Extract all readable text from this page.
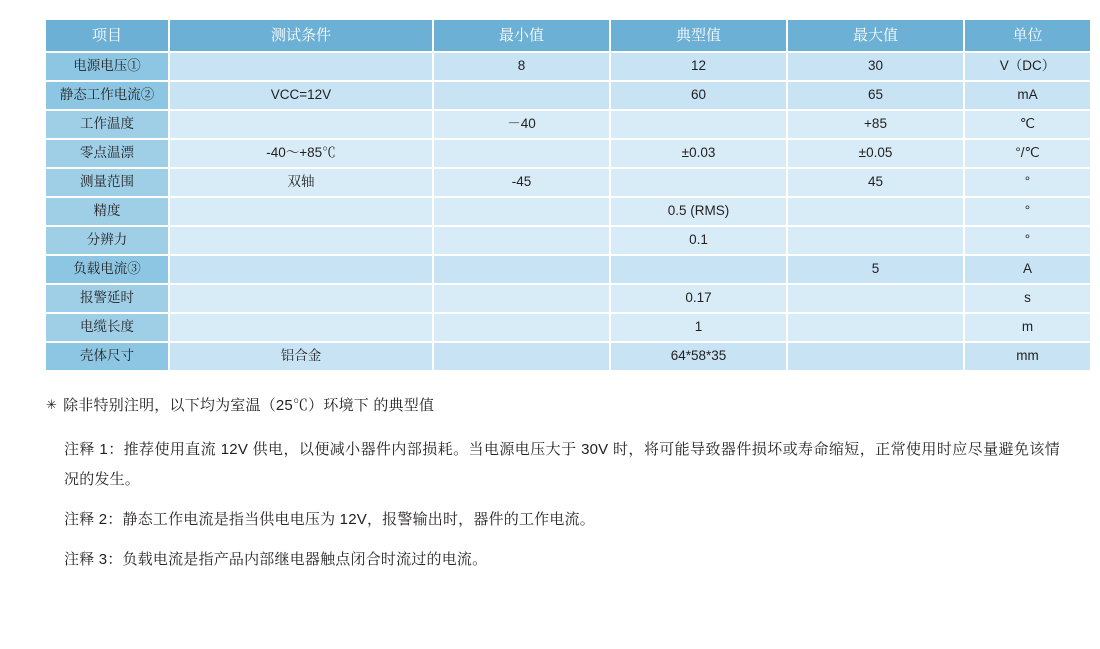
项目	测试条件	最小值	典型值	最大值	单位
电源电压①		8	12	30	V（DC）
静态工作电流②	VCC=12V		60	65	mA
工作温度		－40		+85	℃
零点温漂	-40〜+85℃		±0.03	±0.05	°/℃
测量范围	双轴	-45		45	°
精度			0.5 (RMS)		°
分辨力			0.1		°
负载电流③				5	A
报警延时			0.17		s
电缆长度			1		m
壳体尺寸	铝合金		64*58*35		mm
✳ 除非特别注明，以下均为室温（25℃）环境下 的典型值

注释 1：推荐使用直流 12V 供电，以便减小器件内部损耗。当电源电压大于 30V 时，将可能导致器件损坏或寿命缩短，正常使用时应尽量避免该情况的发生。

注释 2：静态工作电流是指当供电电压为 12V，报警输出时，器件的工作电流。

注释 3：负载电流是指产品内部继电器触点闭合时流过的电流。
